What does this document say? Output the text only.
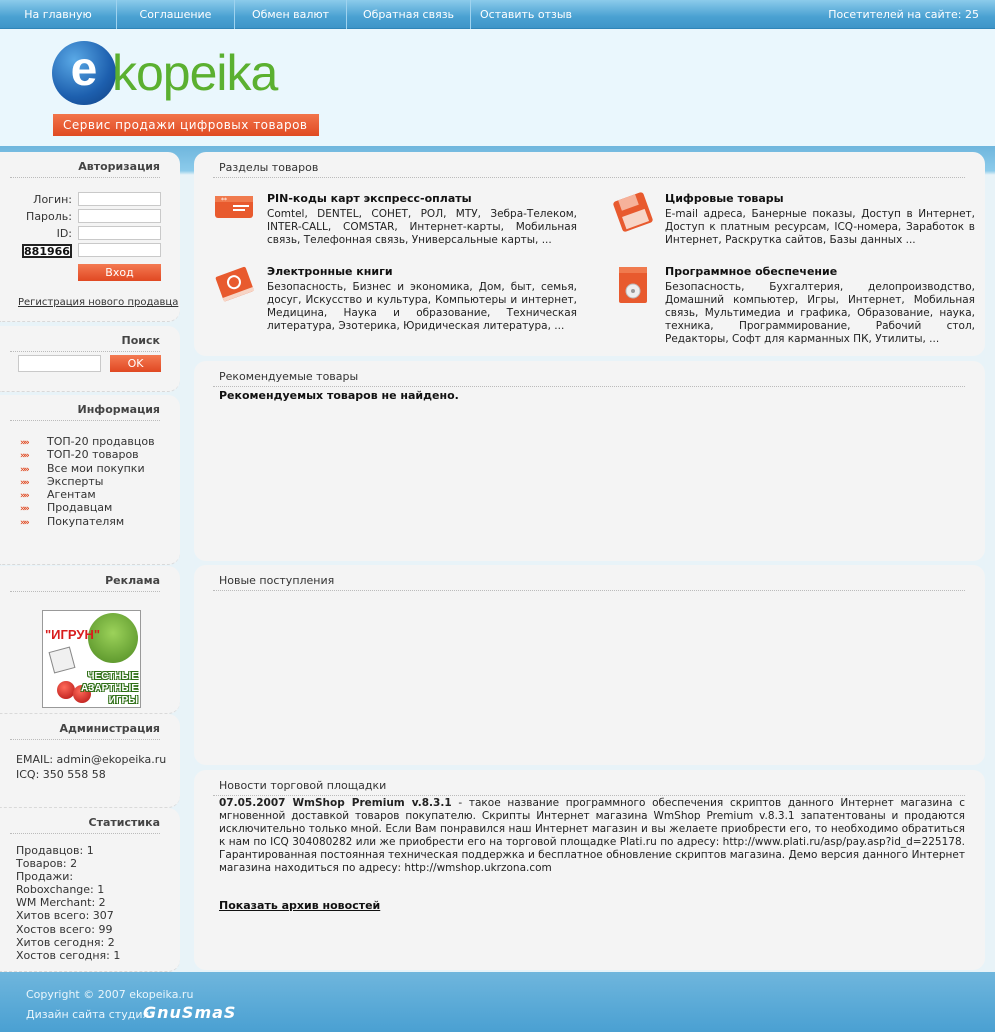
На главную	Соглашение	Обмен валют	Обратная связь	Оставить отзыв	Посетителей на сайте: 25
e kopeika
Сервис продажи цифровых товаров
Авторизация
Логин:
Пароль:
ID:
881966
Вход
Регистрация нового продавца
Поиск
OK
Информация
»» ТОП-20 продавцов
»» ТОП-20 товаров
»» Все мои покупки
»» Эксперты
»» Агентам
»» Продавцам
»» Покупателям
Реклама
"ИГРУН"
ЧЕСТНЫЕ
АЗАРТНЫЕ
ИГРЫ
Администрация
EMAIL: admin@ekopeika.ru
ICQ: 350 558 58
Статистика
Продавцов: 1
Товаров: 2
Продажи:
Roboxchange: 1
WM Merchant: 2
Хитов всего: 307
Хостов всего: 99
Хитов сегодня: 2
Хостов сегодня: 1
Разделы товаров
**	PIN-коды карт экспресс-оплаты

Comtel, DENTEL, СОНЕТ, РОЛ, МТУ, Зебра-Телеком, INTER-CALL, COMSTAR, Интернет-карты, Мобильная связь, Телефонная связь, Универсальные карты, ...

Цифровые товары

E-mail адреса, Банерные показы, Доступ в Интернет, Доступ к платным ресурсам, ICQ-номера, Заработок в Интернет, Раскрутка сайтов, Базы данных ...

Электронные книги

Безопасность, Бизнес и экономика, Дом, быт, семья, досуг, Искусство и культура, Компьютеры и интернет, Медицина, Наука и образование, Техническая литература, Эзотерика, Юридическая литература, ...

Программное обеспечение

Безопасность, Бухгалтерия, делопроизводство, Домашний компьютер, Игры, Интернет, Мобильная связь, Мультимедиа и графика, Образование, наука, техника, Программирование, Рабочий стол, Редакторы, Софт для карманных ПК, Утилиты, ...

Рекомендуемые товары
Рекомендуемых товаров не найдено.
Новые поступления
Новости торговой площадки
07.05.2007 WmShop Premium v.8.3.1 - такое название программного обеспечения скриптов данного Интернет магазина с мгновенной доставкой товаров покупателю. Скрипты Интернет магазина WmShop Premium v.8.3.1 запатентованы и продаются исключительно только мной. Если Вам понравился наш Интернет магазин и вы желаете приобрести его, то необходимо обратиться к нам по ICQ 304080282 или же приобрести его на торговой площадке Plati.ru по адресу: http://www.plati.ru/asp/pay.asp?id_d=225178. Гарантированная постоянная техническая поддержка и бесплатное обновление скриптов магазина. Демо версия данного Интернет магазина находиться по адресу: http://wmshop.ukrzona.com
Показать архив новостей
Copyright © 2007 ekopeika.ru
Дизайн сайта студия
GnuSmaS
